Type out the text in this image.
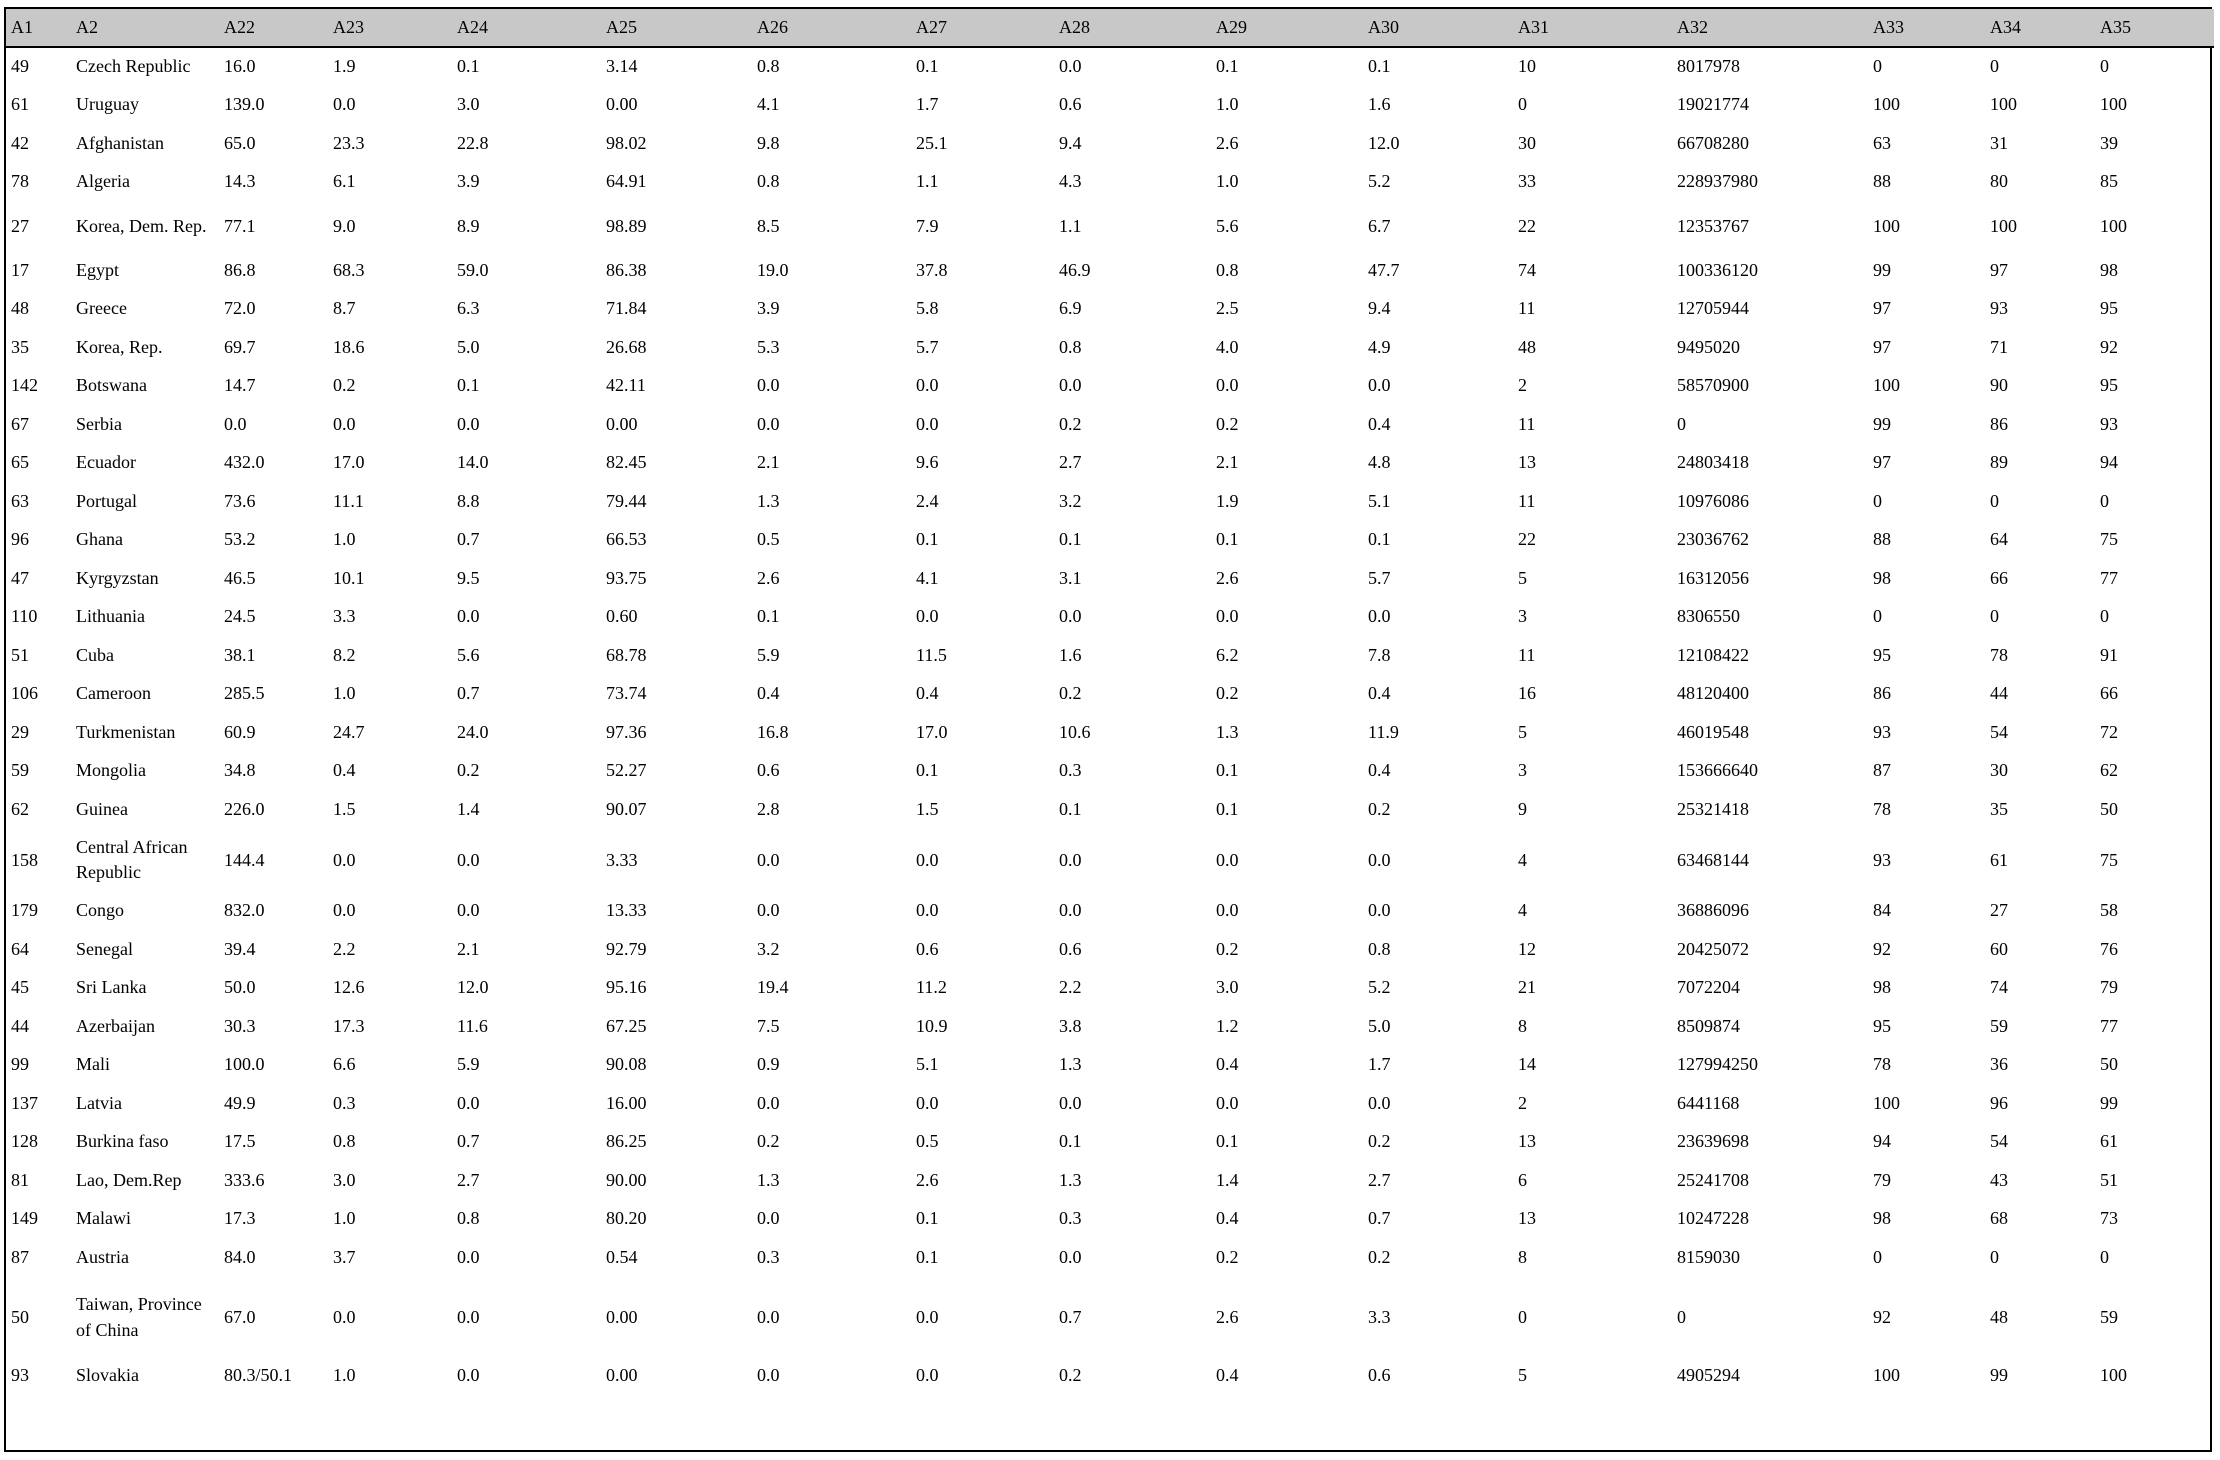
A1	A2	A22	A23	A24	A25	A26	A27	A28	A29	A30	A31	A32	A33	A34	A35
49	Czech Republic	16.0	1.9	0.1	3.14	0.8	0.1	0.0	0.1	0.1	10	8017978	0	0	0
61	Uruguay	139.0	0.0	3.0	0.00	4.1	1.7	0.6	1.0	1.6	0	19021774	100	100	100
42	Afghanistan	65.0	23.3	22.8	98.02	9.8	25.1	9.4	2.6	12.0	30	66708280	63	31	39
78	Algeria	14.3	6.1	3.9	64.91	0.8	1.1	4.3	1.0	5.2	33	228937980	88	80	85
27	Korea, Dem. Rep.	77.1	9.0	8.9	98.89	8.5	7.9	1.1	5.6	6.7	22	12353767	100	100	100
17	Egypt	86.8	68.3	59.0	86.38	19.0	37.8	46.9	0.8	47.7	74	100336120	99	97	98
48	Greece	72.0	8.7	6.3	71.84	3.9	5.8	6.9	2.5	9.4	11	12705944	97	93	95
35	Korea, Rep.	69.7	18.6	5.0	26.68	5.3	5.7	0.8	4.0	4.9	48	9495020	97	71	92
142	Botswana	14.7	0.2	0.1	42.11	0.0	0.0	0.0	0.0	0.0	2	58570900	100	90	95
67	Serbia	0.0	0.0	0.0	0.00	0.0	0.0	0.2	0.2	0.4	11	0	99	86	93
65	Ecuador	432.0	17.0	14.0	82.45	2.1	9.6	2.7	2.1	4.8	13	24803418	97	89	94
63	Portugal	73.6	11.1	8.8	79.44	1.3	2.4	3.2	1.9	5.1	11	10976086	0	0	0
96	Ghana	53.2	1.0	0.7	66.53	0.5	0.1	0.1	0.1	0.1	22	23036762	88	64	75
47	Kyrgyzstan	46.5	10.1	9.5	93.75	2.6	4.1	3.1	2.6	5.7	5	16312056	98	66	77
110	Lithuania	24.5	3.3	0.0	0.60	0.1	0.0	0.0	0.0	0.0	3	8306550	0	0	0
51	Cuba	38.1	8.2	5.6	68.78	5.9	11.5	1.6	6.2	7.8	11	12108422	95	78	91
106	Cameroon	285.5	1.0	0.7	73.74	0.4	0.4	0.2	0.2	0.4	16	48120400	86	44	66
29	Turkmenistan	60.9	24.7	24.0	97.36	16.8	17.0	10.6	1.3	11.9	5	46019548	93	54	72
59	Mongolia	34.8	0.4	0.2	52.27	0.6	0.1	0.3	0.1	0.4	3	153666640	87	30	62
62	Guinea	226.0	1.5	1.4	90.07	2.8	1.5	0.1	0.1	0.2	9	25321418	78	35	50
158	Central African Republic	144.4	0.0	0.0	3.33	0.0	0.0	0.0	0.0	0.0	4	63468144	93	61	75
179	Congo	832.0	0.0	0.0	13.33	0.0	0.0	0.0	0.0	0.0	4	36886096	84	27	58
64	Senegal	39.4	2.2	2.1	92.79	3.2	0.6	0.6	0.2	0.8	12	20425072	92	60	76
45	Sri Lanka	50.0	12.6	12.0	95.16	19.4	11.2	2.2	3.0	5.2	21	7072204	98	74	79
44	Azerbaijan	30.3	17.3	11.6	67.25	7.5	10.9	3.8	1.2	5.0	8	8509874	95	59	77
99	Mali	100.0	6.6	5.9	90.08	0.9	5.1	1.3	0.4	1.7	14	127994250	78	36	50
137	Latvia	49.9	0.3	0.0	16.00	0.0	0.0	0.0	0.0	0.0	2	6441168	100	96	99
128	Burkina faso	17.5	0.8	0.7	86.25	0.2	0.5	0.1	0.1	0.2	13	23639698	94	54	61
81	Lao, Dem.Rep	333.6	3.0	2.7	90.00	1.3	2.6	1.3	1.4	2.7	6	25241708	79	43	51
149	Malawi	17.3	1.0	0.8	80.20	0.0	0.1	0.3	0.4	0.7	13	10247228	98	68	73
87	Austria	84.0	3.7	0.0	0.54	0.3	0.1	0.0	0.2	0.2	8	8159030	0	0	0
50	Taiwan, Province of China	67.0	0.0	0.0	0.00	0.0	0.0	0.7	2.6	3.3	0	0	92	48	59
93	Slovakia	80.3/50.1	1.0	0.0	0.00	0.0	0.0	0.2	0.4	0.6	5	4905294	100	99	100
